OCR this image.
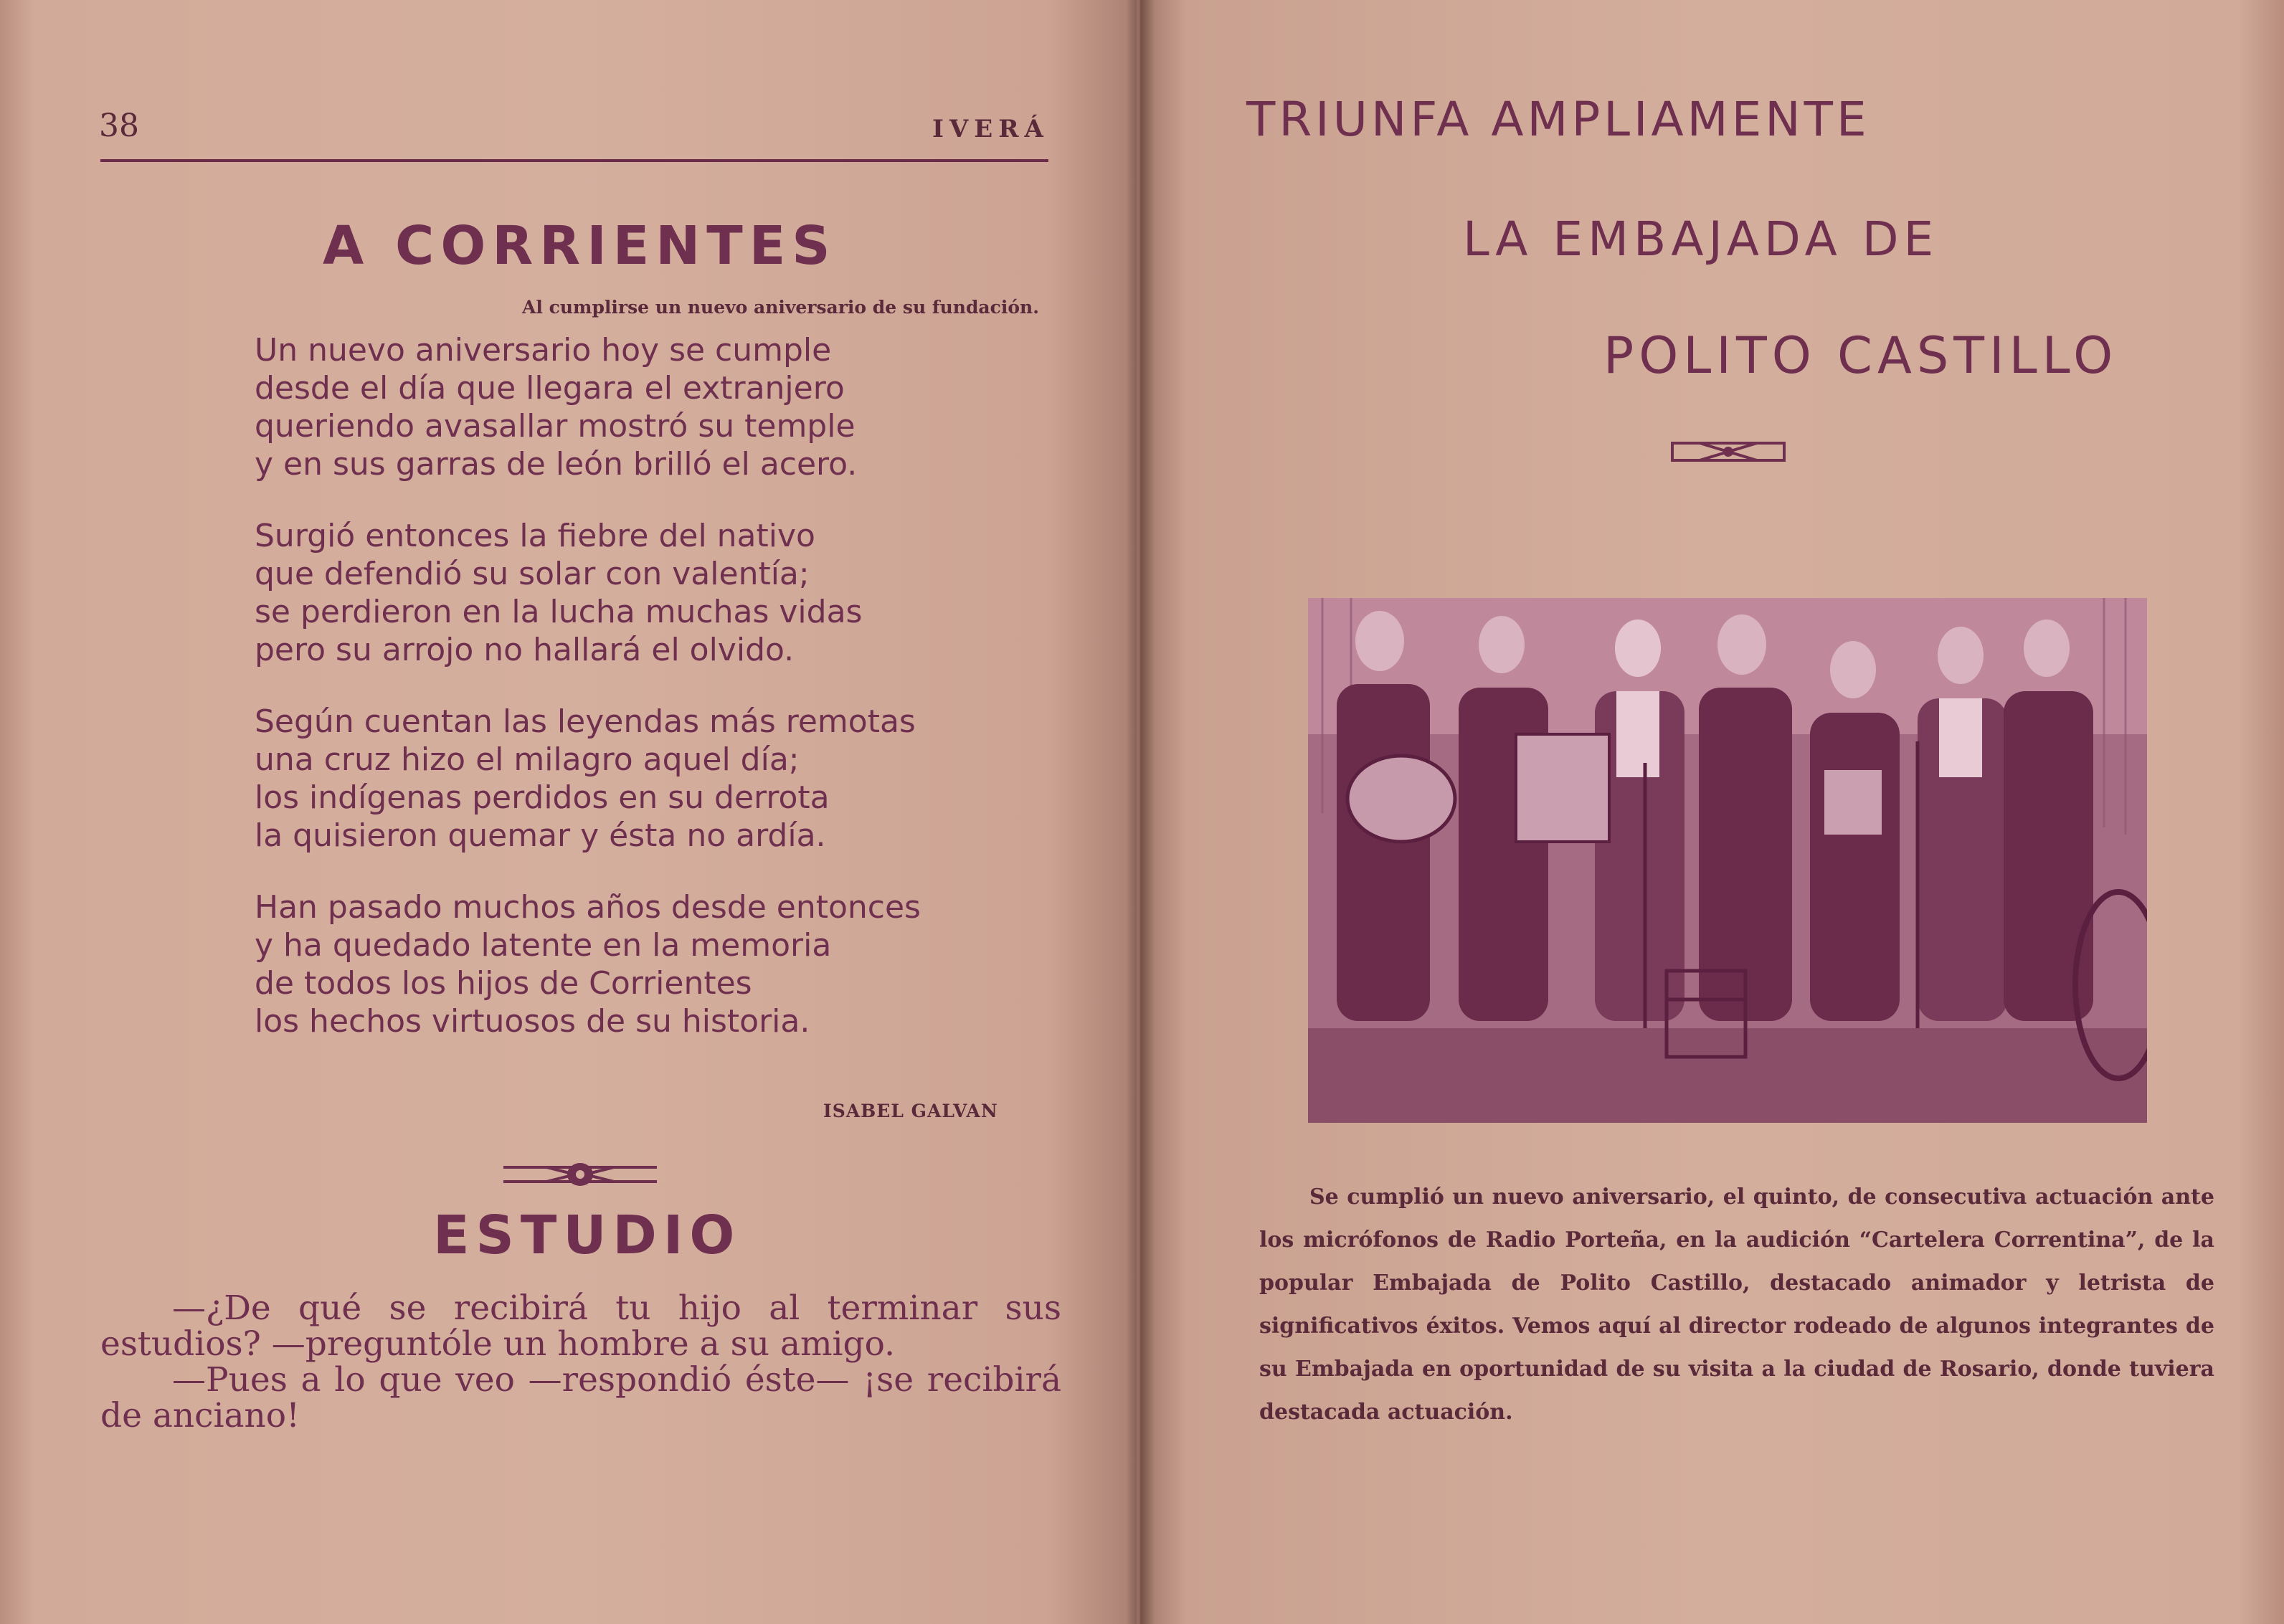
38	IVERÁ
A CORRIENTES
Al cumplirse un nuevo aniversario de su fundación.
Un nuevo aniversario hoy se cumple
desde el día que llegara el extranjero
queriendo avasallar mostró su temple
y en sus garras de león brilló el acero.
Surgió entonces la fiebre del nativo
que defendió su solar con valentía;
se perdieron en la lucha muchas vidas
pero su arrojo no hallará el olvido.
Según cuentan las leyendas más remotas
una cruz hizo el milagro aquel día;
los indígenas perdidos en su derrota
la quisieron quemar y ésta no ardía.
Han pasado muchos años desde entonces
y ha quedado latente en la memoria
de todos los hijos de Corrientes
los hechos virtuosos de su historia.
ISABEL GALVAN
ESTUDIO

—¿De qué se recibirá tu hijo al terminar sus estudios? —preguntóle un hombre a su amigo.

—Pues a lo que veo —respondió éste— ¡se recibirá de anciano!

TRIUNFA AMPLIAMENTE
LA EMBAJADA DE
POLITO CASTILLO

Se cumplió un nuevo aniversario, el quinto, de consecutiva actuación ante los micrófonos de Radio Porteña, en la audición “Cartelera Correntina”, de la popular Embajada de Polito Castillo, destacado animador y letrista de significativos éxitos. Vemos aquí al director rodeado de algunos integrantes de su Embajada en oportunidad de su visita a la ciudad de Rosario, donde tuviera destacada actuación.
